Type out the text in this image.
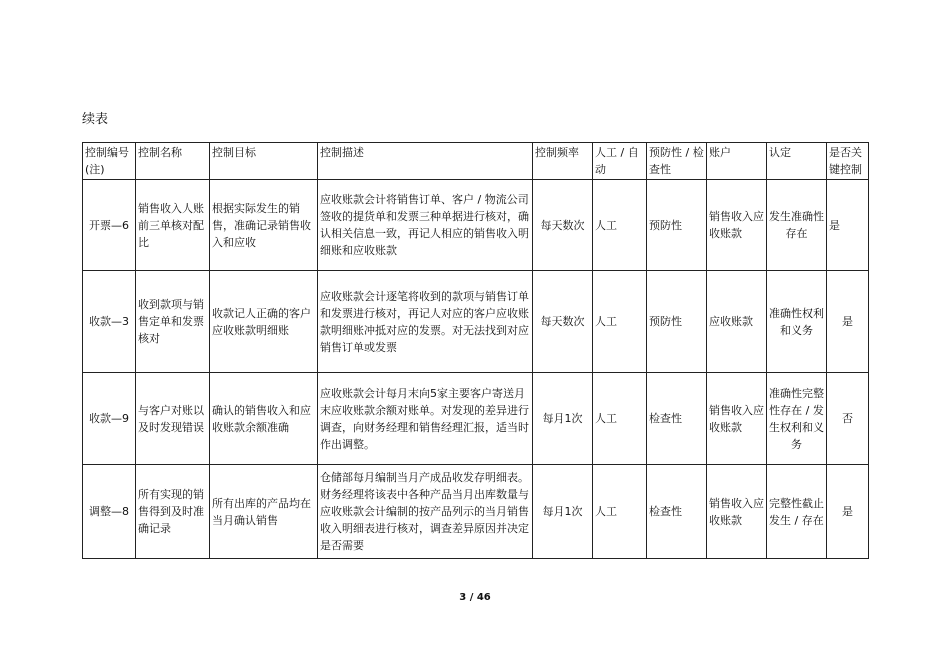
续表
控制编号(注)	控制名称	控制目标	控制描述	控制频率	人工 / 自动	预防性 / 检查性	账户	认定	是否关键控制
开票—6	销售收入人账前三单核对配比	根据实际发生的销售，准确记录销售收入和应收	应收账款会计将销售订单、客户 / 物流公司签收的提货单和发票三种单据进行核对，确认相关信息一致，再记人相应的销售收入明细账和应收账款	每天数次	人工	预防性	销售收入应收账款	发生准确性存在	是
收款—3	收到款项与销售定单和发票核对	收款记人正确的客户应收账款明细账	应收账款会计逐笔将收到的款项与销售订单和发票进行核对，再记人对应的客户应收账款明细账冲抵对应的发票。对无法找到对应销售订单或发票	每天数次	人工	预防性	应收账款	准确性权利和义务	是
收款—9	与客户对账以及时发现错误	确认的销售收入和应收账款余额准确	应收账款会计每月末向5家主要客户寄送月末应收账款余额对账单。对发现的差异进行调查，向财务经理和销售经理汇报，适当时作出调整。	每月1次	人工	检查性	销售收入应收账款	准确性完整性存在 / 发生权利和义务	否
调整—8	所有实现的销售得到及时准确记录	所有出库的产品均在当月确认销售	仓储部每月编制当月产成品收发存明细表。财务经理将该表中各种产品当月出库数量与应收账款会计编制的按产品列示的当月销售收入明细表进行核对，调查差异原因并决定是否需要	每月1次	人工	检查性	销售收入应收账款	完整性截止发生 / 存在	是
3 / 46
